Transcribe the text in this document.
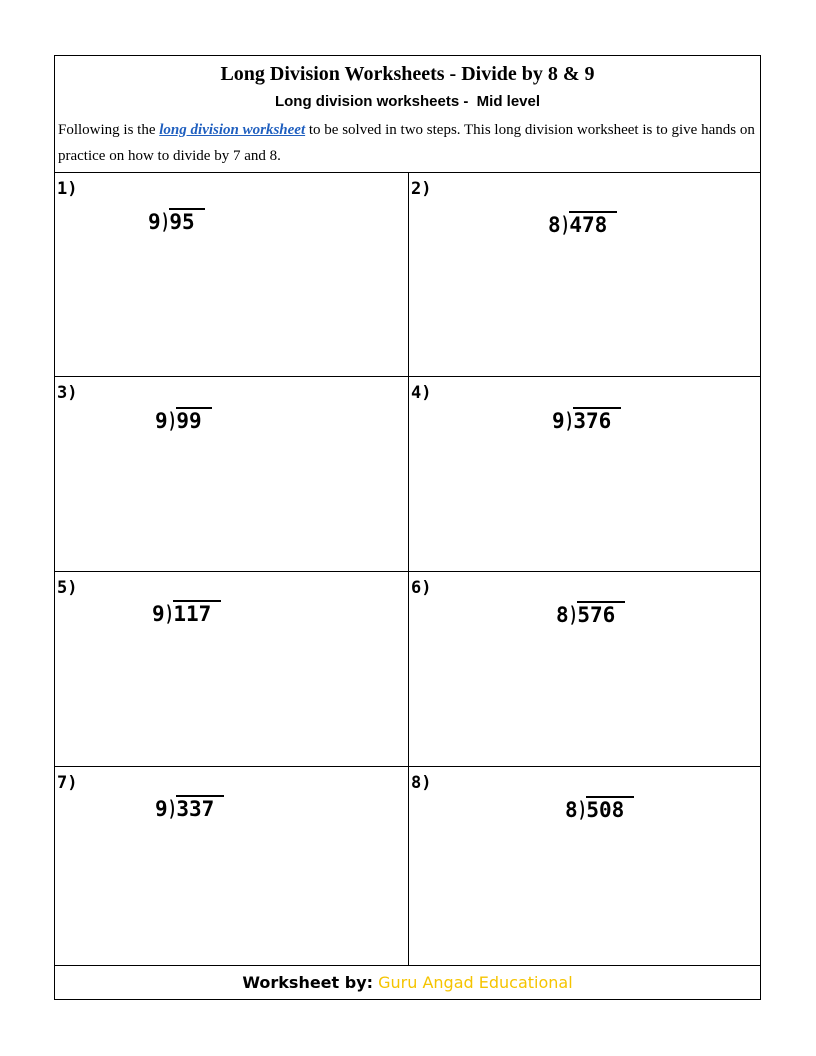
Long Division Worksheets - Divide by 8 & 9
Long division worksheets -  Mid level
Following is the long division worksheet to be solved in two steps. This long division worksheet is to give hands on practice on how to divide by 7 and 8.
1)
9)95
2)
8)478
3)
9)99
4)
9)376
5)
9)117
6)
8)576
7)
9)337
8)
8)508
Worksheet by: Guru Angad Educational
